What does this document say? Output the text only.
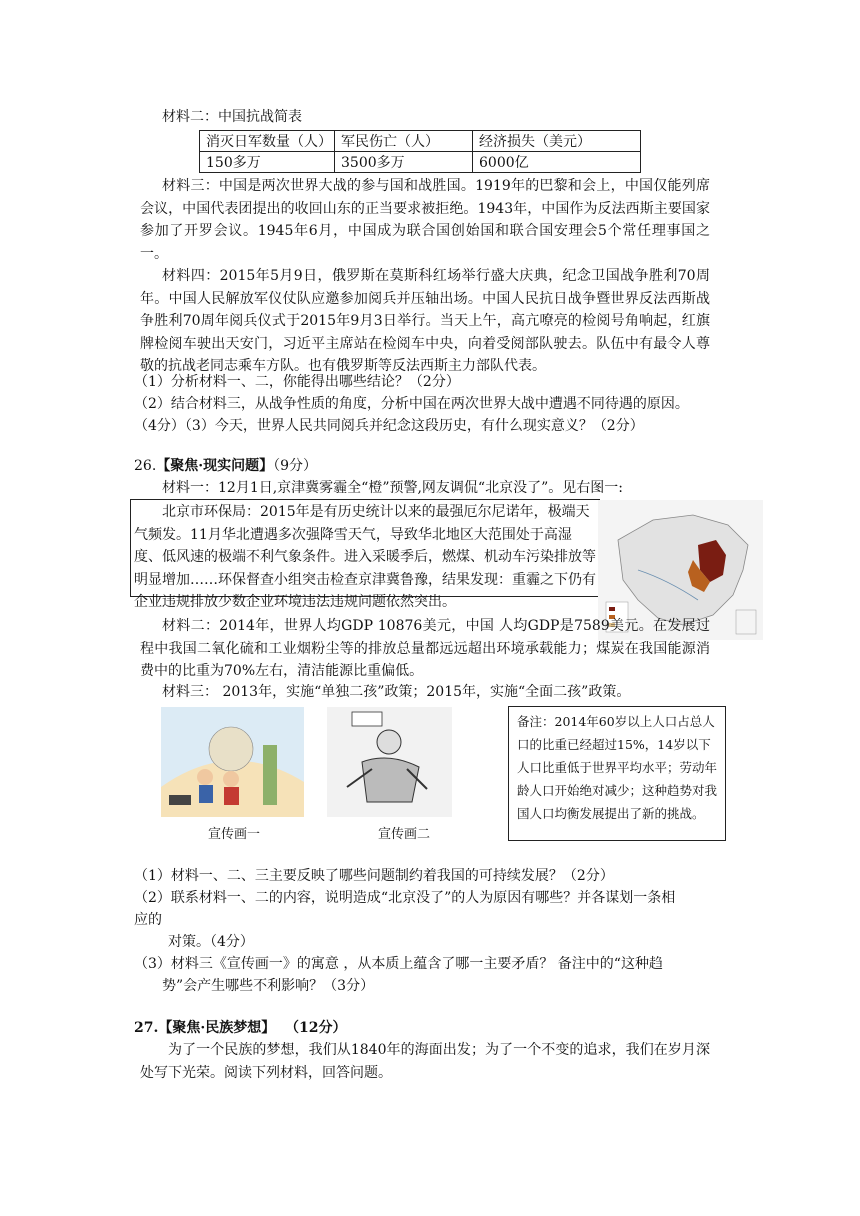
材料二：中国抗战简表
消灭日军数量（人）	军民伤亡（人）	经济损失（美元）
150多万	3500多万	6000亿
材料三：中国是两次世界大战的参与国和战胜国。1919年的巴黎和会上，中国仅能列席会议，中国代表团提出的收回山东的正当要求被拒绝。1943年，中国作为反法西斯主要国家参加了开罗会议。1945年6月，中国成为联合国创始国和联合国安理会5个常任理事国之一。
材料四：2015年5月9日，俄罗斯在莫斯科红场举行盛大庆典，纪念卫国战争胜利70周年。中国人民解放军仪仗队应邀参加阅兵并压轴出场。中国人民抗日战争暨世界反法西斯战争胜利70周年阅兵仪式于2015年9月3日举行。当天上午，高亢嘹亮的检阅号角响起，红旗牌检阅车驶出天安门，习近平主席站在检阅车中央，向着受阅部队驶去。队伍中有最令人尊敬的抗战老同志乘车方队。也有俄罗斯等反法西斯主力部队代表。
（1）分析材料一、二，你能得出哪些结论？（2分）
（2）结合材料三，从战争性质的角度，分析中国在两次世界大战中遭遇不同待遇的原因。
（4分）（3）今天，世界人民共同阅兵并纪念这段历史，有什么现实意义？（2分）
26.【聚焦·现实问题】（9分）
材料一：12月1日,京津冀雾霾全“橙”预警,网友调侃“北京没了”。见右图一:
北京市环保局：2015年是有历史统计以来的最强厄尔尼诺年，极端天气频发。11月华北遭遇多次强降雪天气，导致华北地区大范围处于高湿度、低风速的极端不利气象条件。进入采暖季后，燃煤、机动车污染排放等明显增加……环保督查小组突击检查京津冀鲁豫，结果发现：重霾之下仍有企业违规排放少数企业环境违法违规问题依然突出。
材料二：2014年，世界人均GDP 10876美元，中国 人均GDP是7589美元。在发展过程中我国二氧化硫和工业烟粉尘等的排放总量都远远超出环境承载能力；煤炭在我国能源消费中的比重为70%左右，清洁能源比重偏低。
材料三： 2013年，实施“单独二孩”政策；2015年，实施“全面二孩”政策。
宣传画一	宣传画二
备注：2014年60岁以上人口占总人口的比重已经超过15%，14岁以下人口比重低于世界平均水平；劳动年龄人口开始绝对减少；这种趋势对我国人口均衡发展提出了新的挑战。
（1）材料一、二、三主要反映了哪些问题制约着我国的可持续发展？（2分）
（2）联系材料一、二的内容，说明造成“北京没了”的人为原因有哪些？并各谋划一条相
应的
对策。（4分）
（3）材料三《宣传画一》的寓意 ，从本质上蕴含了哪一主要矛盾？ 备注中的“这种趋
势”会产生哪些不利影响？（3分）
27.【聚焦·民族梦想】 （12分）
为了一个民族的梦想，我们从1840年的海面出发；为了一个不变的追求，我们在岁月深处写下光荣。阅读下列材料，回答问题。
